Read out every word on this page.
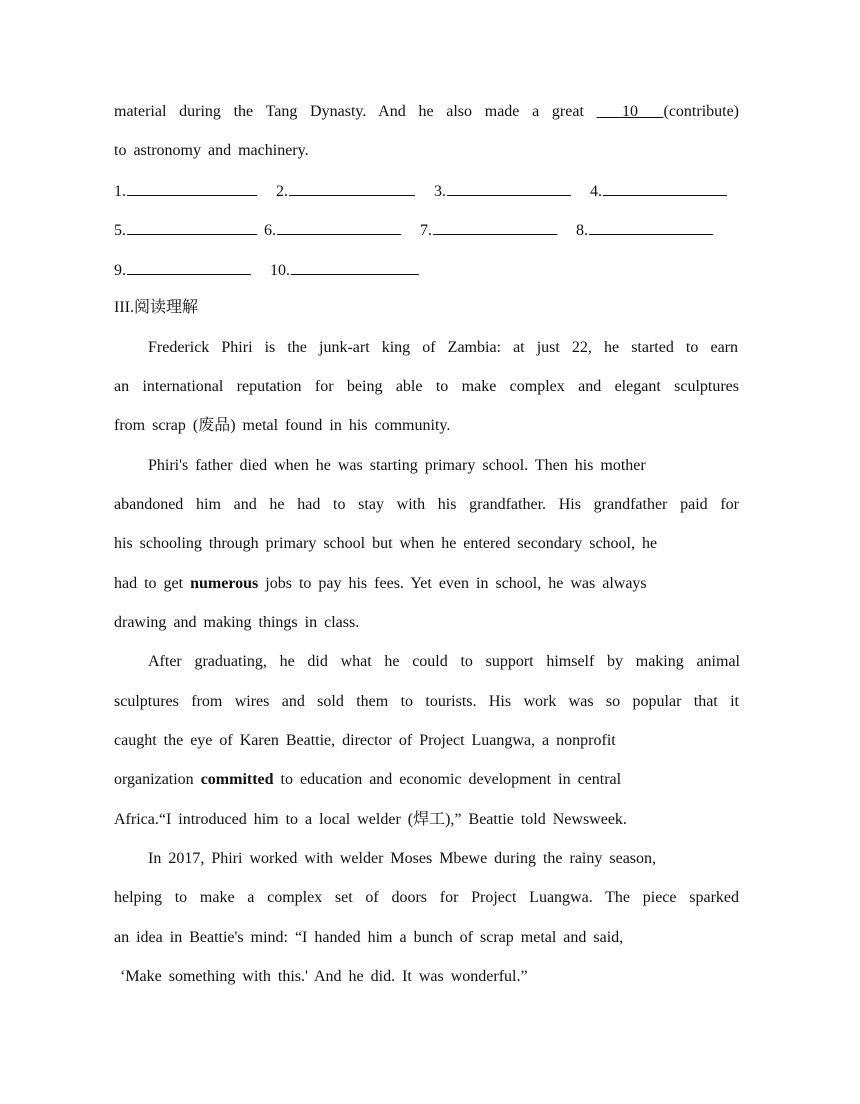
material during the Tang Dynasty. And he also made a great   10  (contribute)
to astronomy and machinery.
1.	2.	3.	4.
5.	6.	7.	8.
9.	10.
III.阅读理解
Frederick Phiri is the junk-art king of Zambia: at just 22, he started to earn
an international reputation for being able to make complex and elegant sculptures
from scrap (废品) metal found in his community.
Phiri's father died when he was starting primary school. Then his mother
abandoned him and he had to stay with his grandfather. His grandfather paid for
his schooling through primary school but when he entered secondary school, he
had to get numerous jobs to pay his fees. Yet even in school, he was always
drawing and making things in class.
After graduating, he did what he could to support himself by making animal
sculptures from wires and sold them to tourists. His work was so popular that it
caught the eye of Karen Beattie, director of Project Luangwa, a nonprofit
organization committed to education and economic development in central
Africa.“I introduced him to a local welder (焊工),” Beattie told Newsweek.
In 2017, Phiri worked with welder Moses Mbewe during the rainy season,
helping to make a complex set of doors for Project Luangwa. The piece sparked
an idea in Beattie's mind: “I handed him a bunch of scrap metal and said,
‘Make something with this.' And he did. It was wonderful.”
